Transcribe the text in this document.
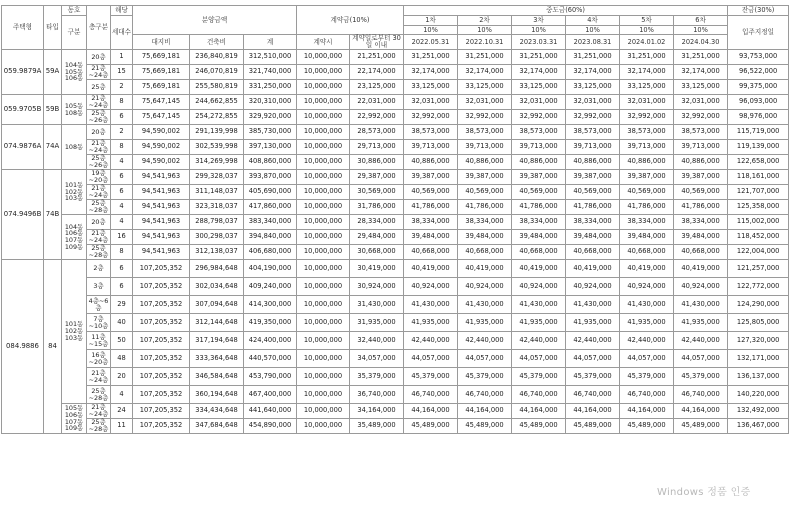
주택형	타입	동호	층구분	해당	분양금액			계약금(10%)		중도금(60%)						잔금(30%)
		구분		세대수						1차	2차	3차	4차	5차	6차	입주지정일
										10%	10%	10%	10%	10%	10%	
					대지비	건축비	계	계약시	계약일로부터 30일 이내	2022.05.31	2022.10.31	2023.03.31	2023.08.31	2024.01.02	2024.04.30	
059.9879A	59A	104동 105동 106동	20층	1	75,669,181	236,840,819	312,510,000	10,000,000	21,251,000	31,251,000	31,251,000	31,251,000	31,251,000	31,251,000	31,251,000	93,753,000
			21층~24층	15	75,669,181	246,070,819	321,740,000	10,000,000	22,174,000	32,174,000	32,174,000	32,174,000	32,174,000	32,174,000	32,174,000	96,522,000
			25층	2	75,669,181	255,580,819	331,250,000	10,000,000	23,125,000	33,125,000	33,125,000	33,125,000	33,125,000	33,125,000	33,125,000	99,375,000
059.9705B	59B	105동 108동	21층~24층	8	75,647,145	244,662,855	320,310,000	10,000,000	22,031,000	32,031,000	32,031,000	32,031,000	32,031,000	32,031,000	32,031,000	96,093,000
			25층~26층	6	75,647,145	254,272,855	329,920,000	10,000,000	22,992,000	32,992,000	32,992,000	32,992,000	32,992,000	32,992,000	32,992,000	98,976,000
074.9876A	74A	108동	20층	2	94,590,002	291,139,998	385,730,000	10,000,000	28,573,000	38,573,000	38,573,000	38,573,000	38,573,000	38,573,000	38,573,000	115,719,000
			21층~24층	8	94,590,002	302,539,998	397,130,000	10,000,000	29,713,000	39,713,000	39,713,000	39,713,000	39,713,000	39,713,000	39,713,000	119,139,000
			25층~26층	4	94,590,002	314,269,998	408,860,000	10,000,000	30,886,000	40,886,000	40,886,000	40,886,000	40,886,000	40,886,000	40,886,000	122,658,000
074.9496B	74B	101동 102동 103동	19층~20층	6	94,541,963	299,328,037	393,870,000	10,000,000	29,387,000	39,387,000	39,387,000	39,387,000	39,387,000	39,387,000	39,387,000	118,161,000
			21층~24층	6	94,541,963	311,148,037	405,690,000	10,000,000	30,569,000	40,569,000	40,569,000	40,569,000	40,569,000	40,569,000	40,569,000	121,707,000
			25층~28층	4	94,541,963	323,318,037	417,860,000	10,000,000	31,786,000	41,786,000	41,786,000	41,786,000	41,786,000	41,786,000	41,786,000	125,358,000
		104동 106동 107동 109동	20층	4	94,541,963	288,798,037	383,340,000	10,000,000	28,334,000	38,334,000	38,334,000	38,334,000	38,334,000	38,334,000	38,334,000	115,002,000
			21층~24층	16	94,541,963	300,298,037	394,840,000	10,000,000	29,484,000	39,484,000	39,484,000	39,484,000	39,484,000	39,484,000	39,484,000	118,452,000
			25층~28층	8	94,541,963	312,138,037	406,680,000	10,000,000	30,668,000	40,668,000	40,668,000	40,668,000	40,668,000	40,668,000	40,668,000	122,004,000
084.9886	84	101동 102동 103동	2층	6	107,205,352	296,984,648	404,190,000	10,000,000	30,419,000	40,419,000	40,419,000	40,419,000	40,419,000	40,419,000	40,419,000	121,257,000
			3층	6	107,205,352	302,034,648	409,240,000	10,000,000	30,924,000	40,924,000	40,924,000	40,924,000	40,924,000	40,924,000	40,924,000	122,772,000
			4층~6층	29	107,205,352	307,094,648	414,300,000	10,000,000	31,430,000	41,430,000	41,430,000	41,430,000	41,430,000	41,430,000	41,430,000	124,290,000
			7층~10층	40	107,205,352	312,144,648	419,350,000	10,000,000	31,935,000	41,935,000	41,935,000	41,935,000	41,935,000	41,935,000	41,935,000	125,805,000
			11층~15층	50	107,205,352	317,194,648	424,400,000	10,000,000	32,440,000	42,440,000	42,440,000	42,440,000	42,440,000	42,440,000	42,440,000	127,320,000
			16층~20층	48	107,205,352	333,364,648	440,570,000	10,000,000	34,057,000	44,057,000	44,057,000	44,057,000	44,057,000	44,057,000	44,057,000	132,171,000
			21층~24층	20	107,205,352	346,584,648	453,790,000	10,000,000	35,379,000	45,379,000	45,379,000	45,379,000	45,379,000	45,379,000	45,379,000	136,137,000
			25층~28층	4	107,205,352	360,194,648	467,400,000	10,000,000	36,740,000	46,740,000	46,740,000	46,740,000	46,740,000	46,740,000	46,740,000	140,220,000
		105동 106동 107동 109동	21층~24층	24	107,205,352	334,434,648	441,640,000	10,000,000	34,164,000	44,164,000	44,164,000	44,164,000	44,164,000	44,164,000	44,164,000	132,492,000
			25층~28층	11	107,205,352	347,684,648	454,890,000	10,000,000	35,489,000	45,489,000	45,489,000	45,489,000	45,489,000	45,489,000	45,489,000	136,467,000
Windows 정품 인증
